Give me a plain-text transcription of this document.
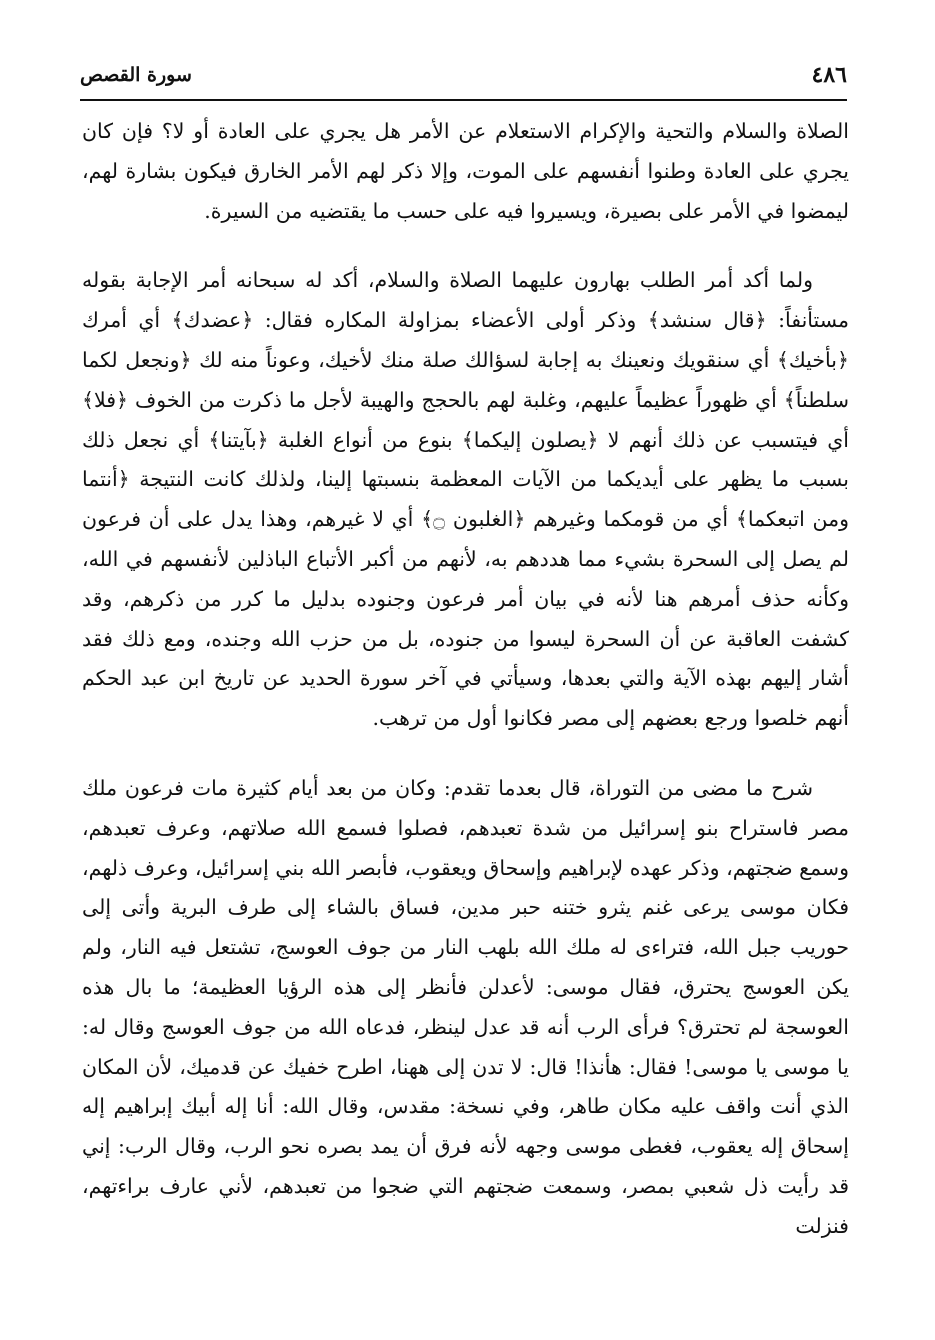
سورة القصص	٤٨٦

الصلاة والسلام والتحية والإكرام الاستعلام عن الأمر هل يجري على العادة أو لا؟ فإن كان يجري على العادة وطنوا أنفسهم على الموت، وإلا ذكر لهم الأمر الخارق فيكون بشارة لهم، ليمضوا في الأمر على بصيرة، ويسيروا فيه على حسب ما يقتضيه من السيرة.

ولما أكد أمر الطلب بهارون عليهما الصلاة والسلام، أكد له سبحانه أمر الإجابة بقوله مستأنفاً: ﴿قال سنشد﴾ وذكر أولى الأعضاء بمزاولة المكاره فقال: ﴿عضدك﴾ أي أمرك ﴿بأخيك﴾ أي سنقويك ونعينك به إجابة لسؤالك صلة منك لأخيك، وعوناً منه لك ﴿ونجعل لكما سلطناً﴾ أي ظهوراً عظيماً عليهم، وغلبة لهم بالحجج والهيبة لأجل ما ذكرت من الخوف ﴿فلا﴾ أي فيتسبب عن ذلك أنهم لا ﴿يصلون إليكما﴾ بنوع من أنواع الغلبة ﴿بآيتنا﴾ أي نجعل ذلك بسبب ما يظهر على أيديكما من الآيات المعظمة بنسبتها إلينا، ولذلك كانت النتيجة ﴿أنتما ومن اتبعكما﴾ أي من قومكما وغيرهم ﴿الغلبون ۝﴾ أي لا غيرهم، وهذا يدل على أن فرعون لم يصل إلى السحرة بشيء مما هددهم به، لأنهم من أكبر الأتباع الباذلين لأنفسهم في الله، وكأنه حذف أمرهم هنا لأنه في بيان أمر فرعون وجنوده بدليل ما كرر من ذكرهم، وقد كشفت العاقبة عن أن السحرة ليسوا من جنوده، بل من حزب الله وجنده، ومع ذلك فقد أشار إليهم بهذه الآية والتي بعدها، وسيأتي في آخر سورة الحديد عن تاريخ ابن عبد الحكم أنهم خلصوا ورجع بعضهم إلى مصر فكانوا أول من ترهب.

شرح ما مضى من التوراة، قال بعدما تقدم: وكان من بعد أيام كثيرة مات فرعون ملك مصر فاستراح بنو إسرائيل من شدة تعبدهم، فصلوا فسمع الله صلاتهم، وعرف تعبدهم، وسمع ضجتهم، وذكر عهده لإبراهيم وإسحاق ويعقوب، فأبصر الله بني إسرائيل، وعرف ذلهم، فكان موسى يرعى غنم يثرو ختنه حبر مدين، فساق بالشاء إلى طرف البرية وأتى إلى حوريب جبل الله، فتراءى له ملك الله بلهب النار من جوف العوسج، تشتعل فيه النار، ولم يكن العوسج يحترق، فقال موسى: لأعدلن فأنظر إلى هذه الرؤيا العظيمة؛ ما بال هذه العوسجة لم تحترق؟ فرأى الرب أنه قد عدل لينظر، فدعاه الله من جوف العوسج وقال له: يا موسى يا موسى! فقال: هأنذا! قال: لا تدن إلى ههنا، اطرح خفيك عن قدميك، لأن المكان الذي أنت واقف عليه مكان طاهر، وفي نسخة: مقدس، وقال الله: أنا إله أبيك إبراهيم إله إسحاق إله يعقوب، فغطى موسى وجهه لأنه فرق أن يمد بصره نحو الرب، وقال الرب: إني قد رأيت ذل شعبي بمصر، وسمعت ضجتهم التي ضجوا من تعبدهم، لأني عارف براءتهم، فنزلت
